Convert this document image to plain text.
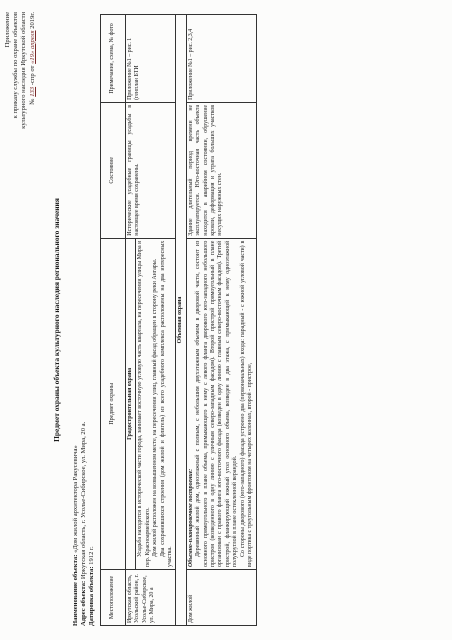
Приложение к приказу службы по охране объектов культурного наследия Иркутской области № 133 -спр от «19» апреля 2019г.
Предмет охраны объекта культурного наследия регионального значения
Наименование объекта: «Дом жилой архитектора Ракусевича»
Адрес объекта: Иркутская область, г. Усолье-Сибирское, ул. Мира, 20 а.
Датировка объекта: 1912 г.
Местоположение	Предмет охраны	Состояние	Примечание, схема, № фото
Иркутская область, Усольский район, г. Усолье-Сибирское, ул. Мира, 20 а	Градостроительная охрана	Исторические усадебные границы усадьбы в настоящее время сохранены.	Приложение №1 – рис. 1 (генплан БТИ

	Усадьба находится в исторической части города, занимает восточную угловую часть квартала, на пересечении улицы Мира и пер. Красноармейского. Дом жилой расположен на возвышенном месте, на пересечении улиц, главный фасад обращен в сторону реки Ангары. Два сохранившихся строения (дом жилой и флигель) из всего усадебного комплекса расположены на два интересных участка.		

Объемная охрана			
Дом жилой	Объемно-планировочное построение: Деревянный жилой дом, одноэтажный с полным, с небольшим двухэтажным объемом в дворовой части, состоит из основного прямоугольного в плане объема, примыкающего к нему с левого фланга дворового юго-западного небольшого пристроя (возведенного в одну линию с уличным северо-западным фасадом). Второй пристрой прямоугольный в плане организован с правого фланга юго-восточного фасада (возведен в одну линию с главным северо-восточным фасадом). Третий пристрой, фланкирующий южный угол основного объема, возведен в два этажа, с примыкающей к нему одноэтажной полукруглой в плане остекленной верандой. Со стороны дворового (юго-западного) фасада устроено два (первоначальных) входа: парадный - с южной угловой части) в виде портика с треугольным фронтоном на четырех колоннах, второй - пристрое,	Здание длительный период времени не эксплуатируется. Юго-восточная часть объекта находится в аварийном состоянии, обрушение кровли, деформация и утрата больших участков несущих наружных стен.	Приложение №1 – рис. 2,3,4
